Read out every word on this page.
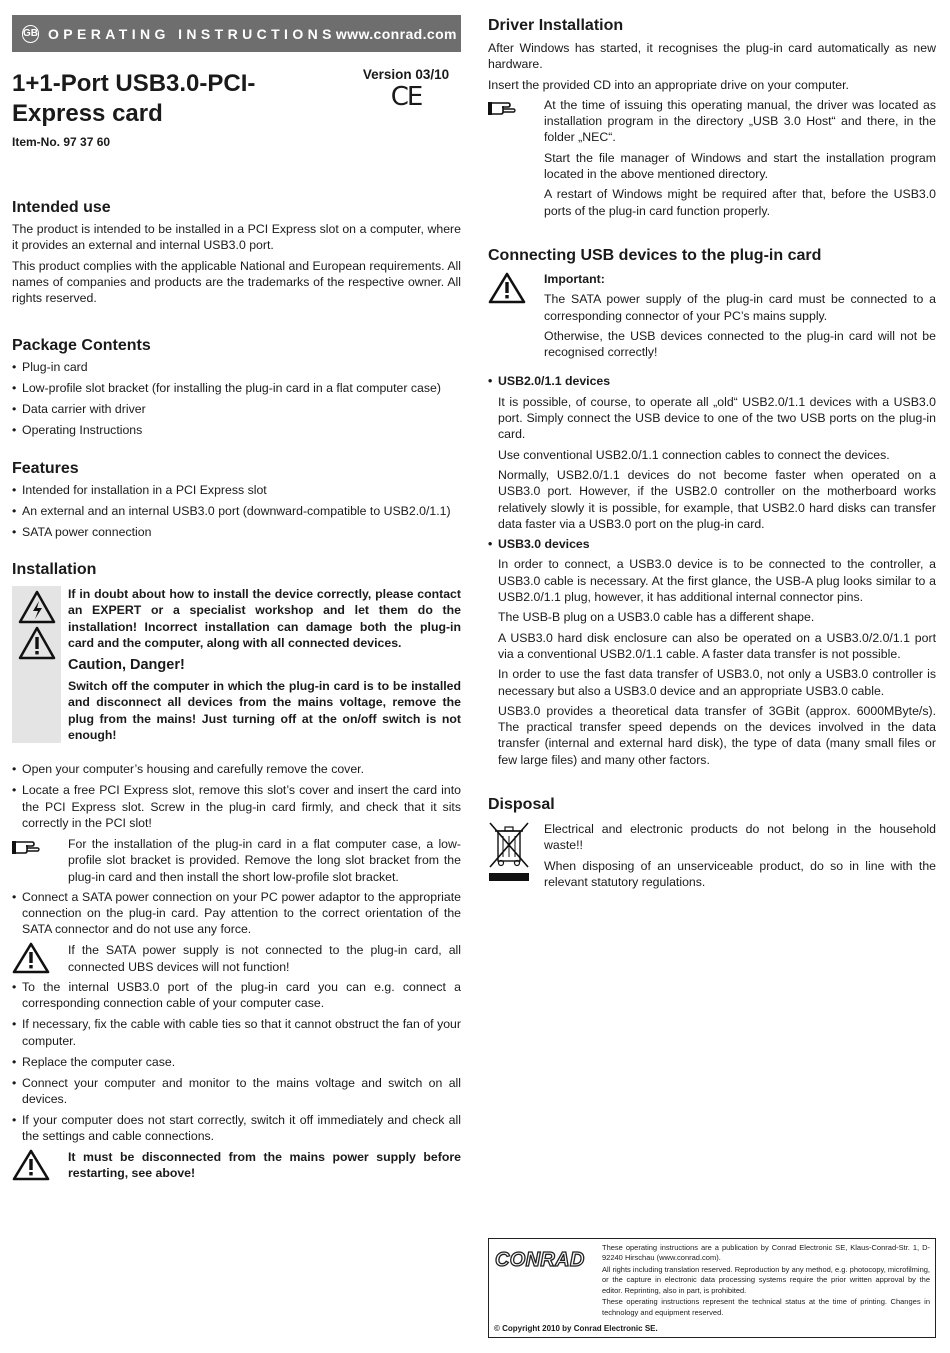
GB OPERATING INSTRUCTIONS www.conrad.com
1+1-Port USB3.0-PCI-Express card
Version 03/10
CE
Item-No. 97 37 60
Intended use

The product is intended to be installed in a PCI Express slot on a computer, where it provides an external and internal USB3.0 port.

This product complies with the applicable National and European requirements. All names of companies and products are the trademarks of the respective owner. All rights reserved.

Package Contents
• Plug-in card
• Low-profile slot bracket (for installing the plug-in card in a flat computer case)
• Data carrier with driver
• Operating Instructions
Features
• Intended for installation in a PCI Express slot
• An external and an internal USB3.0 port (downward-compatible to USB2.0/1.1)
• SATA power connection
Installation
If in doubt about how to install the device correctly, please contact an EXPERT or a specialist workshop and let them do the installation! Incorrect installation can damage both the plug-in card and the computer, along with all connected devices.
Caution, Danger!
Switch off the computer in which the plug-in card is to be installed and disconnect all devices from the mains voltage, remove the plug from the mains! Just turning off at the on/off switch is not enough!
• Open your computer’s housing and carefully remove the cover.
• Locate a free PCI Express slot, remove this slot’s cover and insert the card into the PCI Express slot. Screw in the plug-in card firmly, and check that it sits correctly in the PCI slot!

For the installation of the plug-in card in a flat computer case, a low-profile slot bracket is provided. Remove the long slot bracket from the plug-in card and then install the short low-profile slot bracket.

• Connect a SATA power connection on your PC power adaptor to the appropriate connection on the plug-in card. Pay attention to the correct orientation of the SATA connector and do not use any force.

If the SATA power supply is not connected to the plug-in card, all connected UBS devices will not function!

• To the internal USB3.0 port of the plug-in card you can e.g. connect a corresponding connection cable of your computer case.
• If necessary, fix the cable with cable ties so that it cannot obstruct the fan of your computer.
• Replace the computer case.
• Connect your computer and monitor to the mains voltage and switch on all devices.
• If your computer does not start correctly, switch it off immediately and check all the settings and cable connections.

It must be disconnected from the mains power supply before restarting, see above!

Driver Installation

After Windows has started, it recognises the plug-in card automatically as new hardware.

Insert the provided CD into an appropriate drive on your computer.

At the time of issuing this operating manual, the driver was located as installation program in the directory „USB 3.0 Host“ and there, in the folder „NEC“.

Start the file manager of Windows and start the installation program located in the above mentioned directory.

A restart of Windows might be required after that, before the USB3.0 ports of the plug-in card function properly.

Connecting USB devices to the plug-in card

Important:

The SATA power supply of the plug-in card must be connected to a corresponding connector of your PC’s mains supply.

Otherwise, the USB devices connected to the plug-in card will not be recognised correctly!

• USB2.0/1.1 devices

It is possible, of course, to operate all „old“ USB2.0/1.1 devices with a USB3.0 port. Simply connect the USB device to one of the two USB ports on the plug-in card.

Use conventional USB2.0/1.1 connection cables to connect the devices.

Normally, USB2.0/1.1 devices do not become faster when operated on a USB3.0 port. However, if the USB2.0 controller on the motherboard works relatively slowly it is possible, for example, that USB2.0 hard disks can transfer data faster via a USB3.0 port on the plug-in card.

• USB3.0 devices

In order to connect, a USB3.0 device is to be connected to the controller, a USB3.0 cable is necessary. At the first glance, the USB-A plug looks similar to a USB2.0/1.1 plug, however, it has additional internal connector pins.

The USB-B plug on a USB3.0 cable has a different shape.

A USB3.0 hard disk enclosure can also be operated on a USB3.0/2.0/1.1 port via a conventional USB2.0/1.1 cable. A faster data transfer is not possible.

In order to use the fast data transfer of USB3.0, not only a USB3.0 controller is necessary but also a USB3.0 device and an appropriate USB3.0 cable.

USB3.0 provides a theoretical data transfer of 3GBit (approx. 6000MByte/s). The practical transfer speed depends on the devices involved in the data transfer (internal and external hard disk), the type of data (many small files or few large files) and many other factors.

Disposal

Electrical and electronic products do not belong in the household waste!!

When disposing of an unserviceable product, do so in line with the relevant statutory regulations.

CONRAD
These operating instructions are a publication by Conrad Electronic SE, Klaus-Conrad-Str. 1, D-92240 Hirschau (www.conrad.com).
All rights including translation reserved. Reproduction by any method, e.g. photocopy, microfilming, or the capture in electronic data processing systems require the prior written approval by the editor. Reprinting, also in part, is prohibited.
These operating instructions represent the technical status at the time of printing. Changes in technology and equipment reserved.
© Copyright 2010 by Conrad Electronic SE.
